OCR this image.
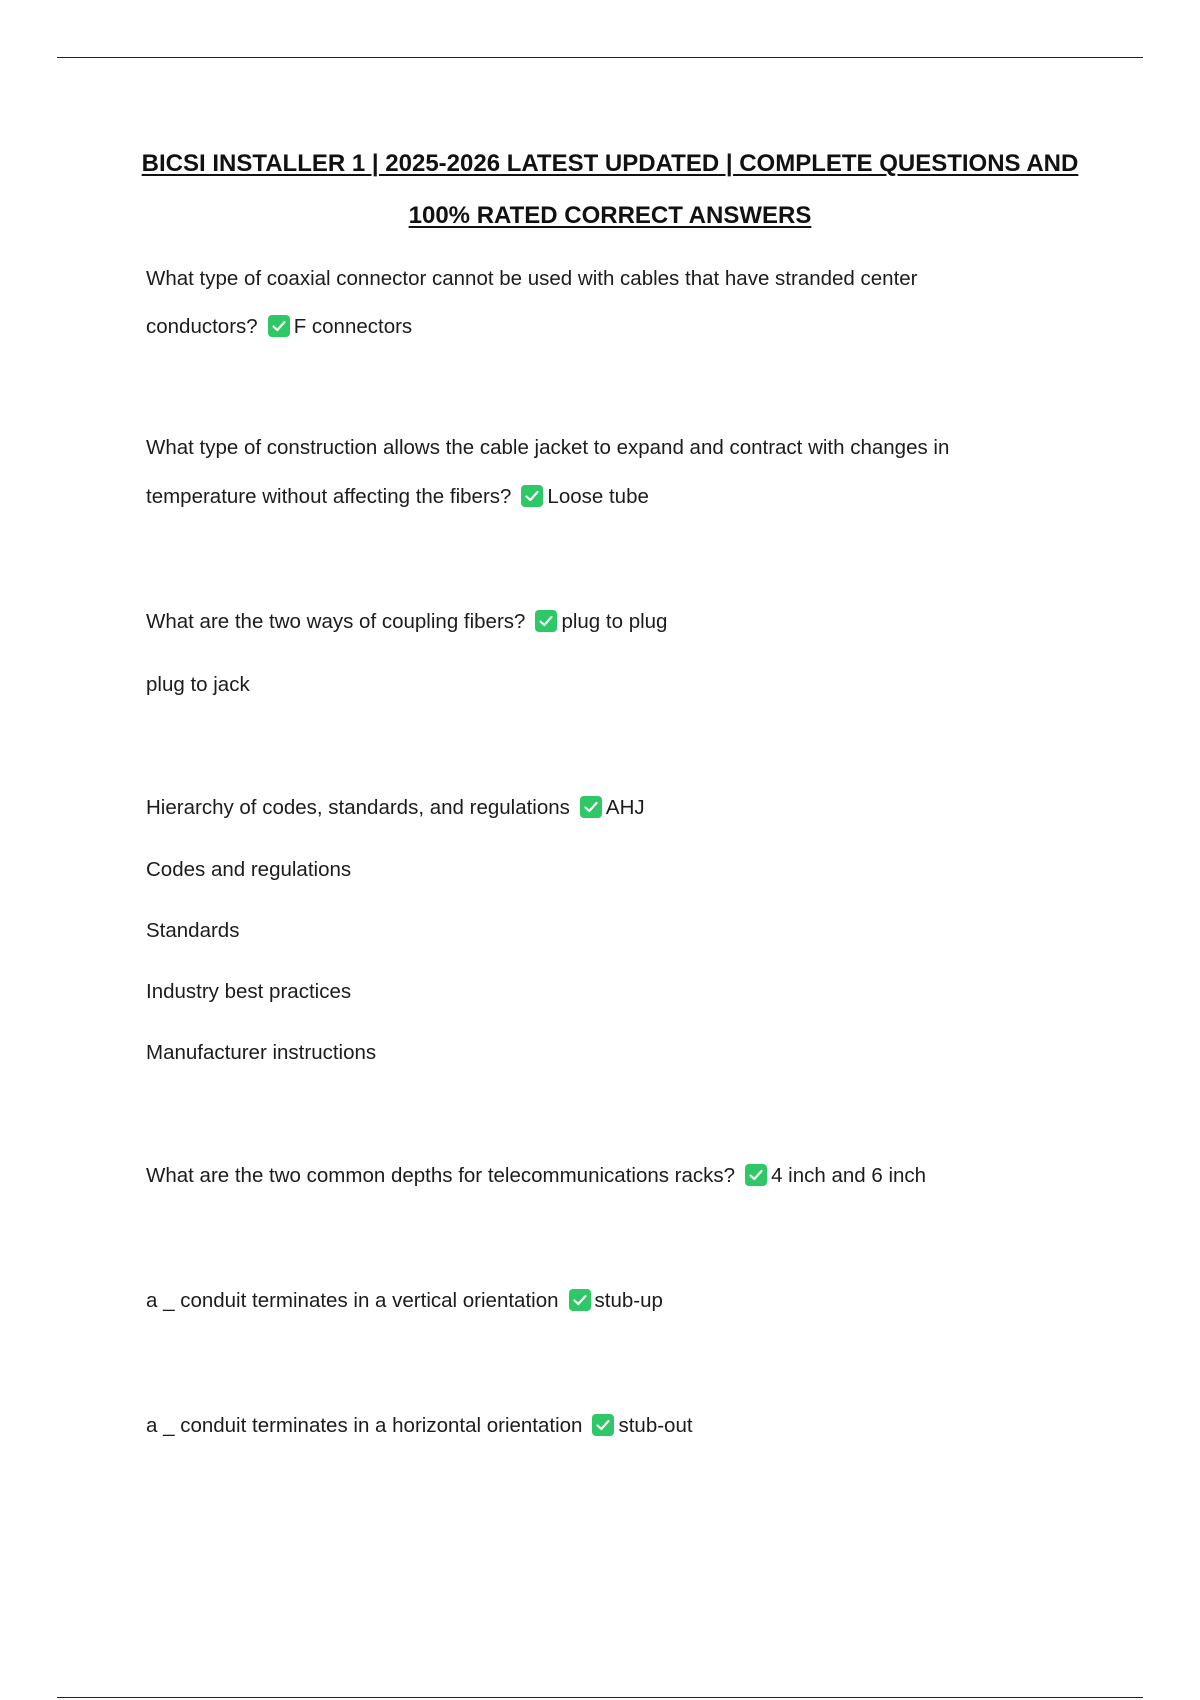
BICSI INSTALLER 1 | 2025-2026 LATEST UPDATED | COMPLETE QUESTIONS AND 100% RATED CORRECT ANSWERS
What type of coaxial connector cannot be used with cables that have stranded center
conductors? F connectors
What type of construction allows the cable jacket to expand and contract with changes in
temperature without affecting the fibers? Loose tube
What are the two ways of coupling fibers? plug to plug
plug to jack
Hierarchy of codes, standards, and regulations AHJ
Codes and regulations
Standards
Industry best practices
Manufacturer instructions
What are the two common depths for telecommunications racks? 4 inch and 6 inch
a _ conduit terminates in a vertical orientation stub-up
a _ conduit terminates in a horizontal orientation stub-out
